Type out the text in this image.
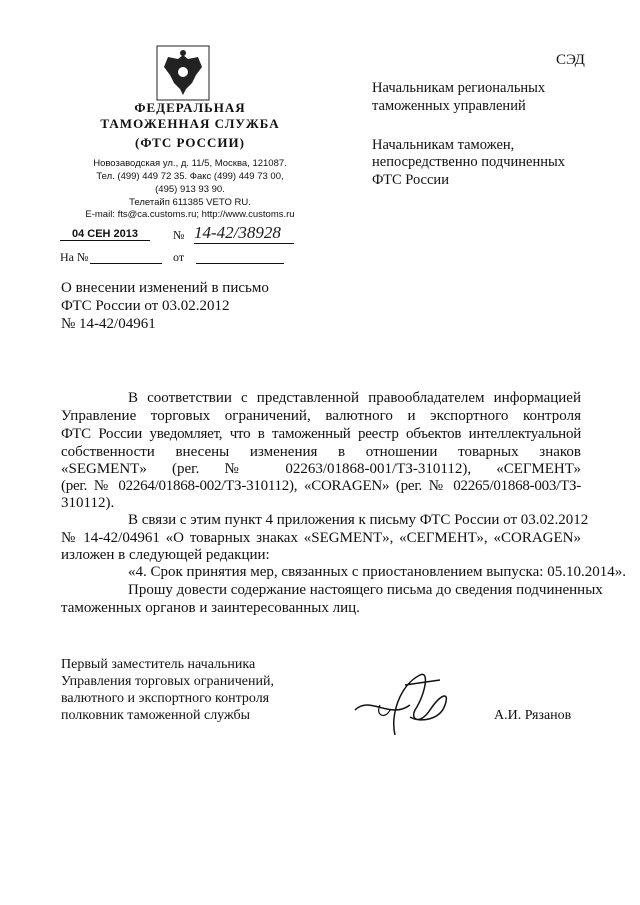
СЭД
ФЕДЕРАЛЬНАЯ
ТАМОЖЕННАЯ СЛУЖБА
(ФТС РОССИИ)
Новозаводская ул., д. 11/5, Москва, 121087.
Тел. (499) 449 72 35. Факс (499) 449 73 00,
(495) 913 93 90.
Телетайп 611385 VETO RU.
E-mail: fts@ca.customs.ru; http://www.customs.ru
04 СЕН 2013	№ 14-42/38928
На №	от
Начальникам региональных
таможенных управлений
Начальникам таможен,
непосредственно подчиненных
ФТС России
О внесении изменений в письмо
ФТС России от 03.02.2012
№ 14-42/04961
В соответствии с представленной правообладателем информацией
Управление торговых ограничений, валютного и экспортного контроля
ФТС России уведомляет, что в таможенный реестр объектов интеллектуальной
собственности внесены изменения в отношении товарных знаков
«SEGMENT» (рег. № 02263/01868-001/ТЗ-310112), «СЕГМЕНТ»
(рег. № 02264/01868-002/ТЗ-310112), «CORAGEN» (рег. № 02265/01868-003/ТЗ-
310112).
В связи с этим пункт 4 приложения к письму ФТС России от 03.02.2012
№ 14-42/04961 «О товарных знаках «SEGMENT», «СЕГМЕНТ», «CORAGEN»
изложен в следующей редакции:
«4. Срок принятия мер, связанных с приостановлением выпуска: 05.10.2014».
Прошу довести содержание настоящего письма до сведения подчиненных
таможенных органов и заинтересованных лиц.
Первый заместитель начальника
Управления торговых ограничений,
валютного и экспортного контроля
полковник таможенной службы	А.И. Рязанов
